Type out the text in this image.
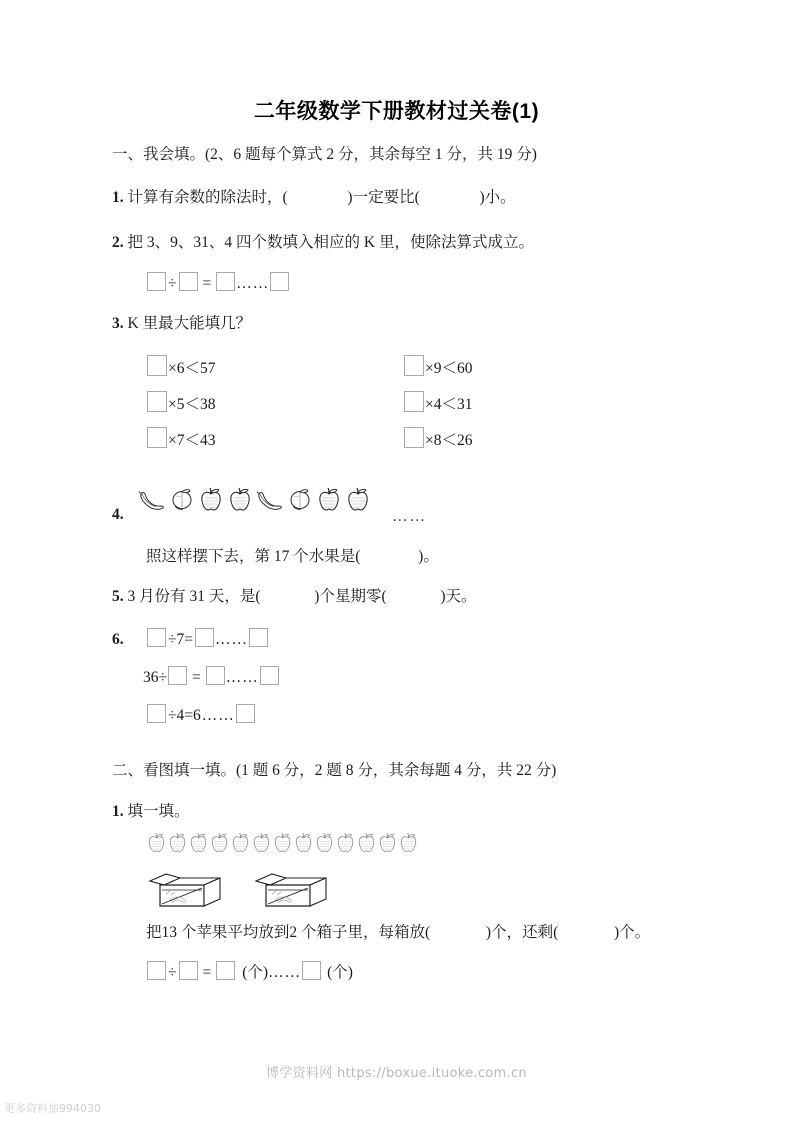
二年级数学下册教材过关卷(1)
一、我会填。(2、6 题每个算式 2 分，其余每空 1 分，共 19 分)
1. 计算有余数的除法时，(	)一定要比(	)小。
2. 把 3、9、31、4 四个数填入相应的 K 里，使除法算式成立。
÷ = ……
3. K 里最大能填几？
×6＜57	×9＜60
×5＜38	×4＜31
×7＜43	×8＜26
4.	……
照这样摆下去，第 17 个水果是(	)。
5. 3 月份有 31 天，是(	)个星期零(	)天。
6.	÷7= ……
36÷ = ……
÷4=6……
二、看图填一填。(1 题 6 分，2 题 8 分，其余每题 4 分，共 22 分)
1. 填一填。
把13 个苹果平均放到2 个箱子里，每箱放(	)个，还剩(	)个。
÷ = (个)…… (个)
博学资料网 https://boxue.ituoke.com.cn
更多资料加994030
